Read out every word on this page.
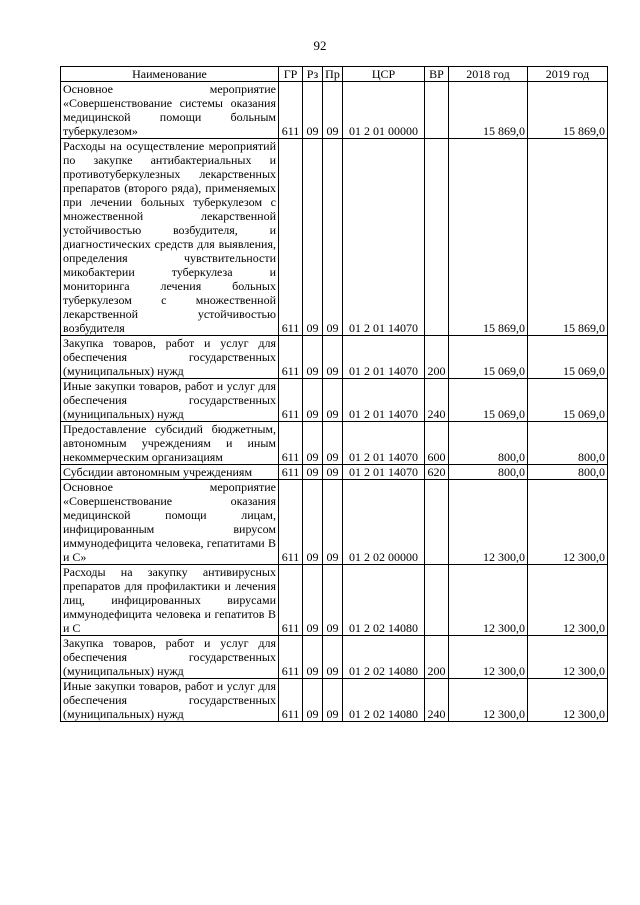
92
Наименование	ГР	Рз	Пр	ЦСР	ВР	2018 год	2019 год
Основное мероприятие «Совершенствование системы оказания медицинской помощи больным туберкулезом»	611	09	09	01 2 01 00000		15 869,0	15 869,0
Расходы на осуществление мероприятий по закупке антибактериальных и противотуберкулезных лекарственных препаратов (второго ряда), применяемых при лечении больных туберкулезом с множественной лекарственной устойчивостью возбудителя, и диагностических средств для выявления, определения чувствительности микобактерии туберкулеза и мониторинга лечения больных туберкулезом с множественной лекарственной устойчивостью возбудителя	611	09	09	01 2 01 14070		15 869,0	15 869,0
Закупка товаров, работ и услуг для обеспечения государственных (муниципальных) нужд	611	09	09	01 2 01 14070	200	15 069,0	15 069,0
Иные закупки товаров, работ и услуг для обеспечения государственных (муниципальных) нужд	611	09	09	01 2 01 14070	240	15 069,0	15 069,0
Предоставление субсидий бюджетным, автономным учреждениям и иным некоммерческим организациям	611	09	09	01 2 01 14070	600	800,0	800,0
Субсидии автономным учреждениям	611	09	09	01 2 01 14070	620	800,0	800,0
Основное мероприятие «Совершенствование оказания медицинской помощи лицам, инфицированным вирусом иммунодефицита человека, гепатитами В и С»	611	09	09	01 2 02 00000		12 300,0	12 300,0
Расходы на закупку антивирусных препаратов для профилактики и лечения лиц, инфицированных вирусами иммунодефицита человека и гепатитов В и С	611	09	09	01 2 02 14080		12 300,0	12 300,0
Закупка товаров, работ и услуг для обеспечения государственных (муниципальных) нужд	611	09	09	01 2 02 14080	200	12 300,0	12 300,0
Иные закупки товаров, работ и услуг для обеспечения государственных (муниципальных) нужд	611	09	09	01 2 02 14080	240	12 300,0	12 300,0
